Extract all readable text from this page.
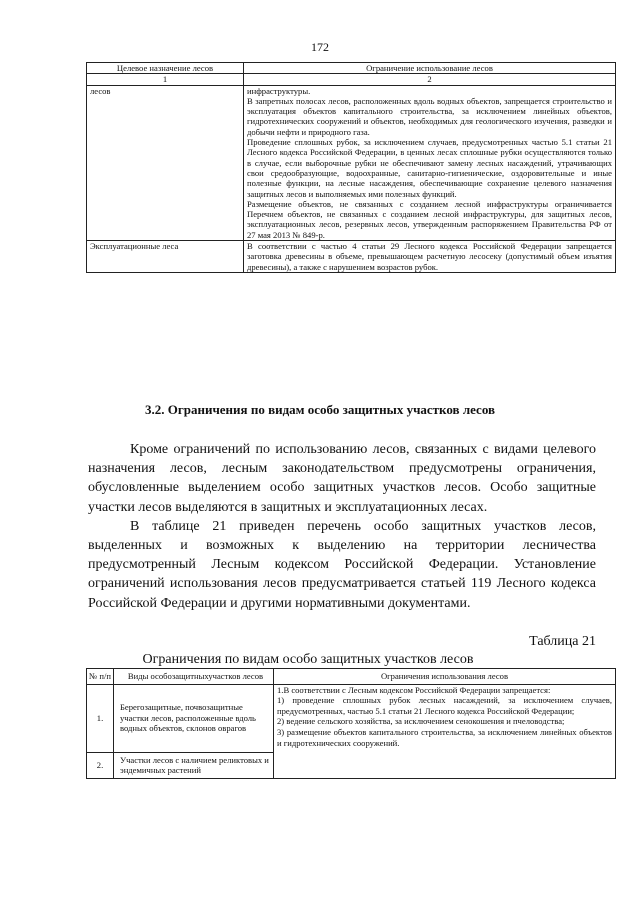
172
Целевое назначение лесов	Ограничение использование лесов
1	2
лесов	инфраструктуры.

В запретных полосах лесов, расположенных вдоль водных объектов, запрещается строительство и эксплуатация объектов капитального строительства, за исключением линейных объектов, гидротехнических сооружений и объектов, необходимых для геологического изучения, разведки и добычи нефти и природного газа.

Проведение сплошных рубок, за исключением случаев, предусмотренных частью 5.1 статьи 21 Лесного кодекса Российской Федерации, в ценных лесах сплошные рубки осуществляются только в случае, если выборочные рубки не обеспечивают замену лесных насаждений, утрачивающих свои средообразующие, водоохранные, санитарно-гигиенические, оздоровительные и иные полезные функции, на лесные насаждения, обеспечивающие сохранение целевого назначения защитных лесов и выполняемых ими полезных функций.

Размещение объектов, не связанных с созданием лесной инфраструктуры ограничивается Перечнем объектов, не связанных с созданием лесной инфраструктуры, для защитных лесов, эксплуатационных лесов, резервных лесов, утвержденным распоряжением Правительства РФ от 27 мая 2013 № 849-р.

Эксплуатационные леса	В соответствии с частью 4 статьи 29 Лесного кодекса Российской Федерации запрещается заготовка древесины в объеме, превышающем расчетную лесосеку (допустимый объем изъятия древесины), а также с нарушением возрастов рубок.

3.2. Ограничения по видам особо защитных участков лесов

Кроме ограничений по использованию лесов, связанных с видами целевого назначения лесов, лесным законодательством предусмотрены ограничения, обусловленные выделением особо защитных участков лесов. Особо защитные участки лесов выделяются в защитных и эксплуатационных лесах.

В таблице 21 приведен перечень особо защитных участков лесов, выделенных и возможных к выделению на территории лесничества предусмотренный Лесным кодексом Российской Федерации. Установление ограничений использования лесов предусматривается статьей 119 Лесного кодекса Российской Федерации и другими нормативными документами.

Таблица 21
Ограничения по видам особо защитных участков лесов
№ п/п	Виды особозащитныхучастков лесов	Ограничения использования лесов
1.	Берегозащитные, почвозащитные участки лесов, расположенные вдоль водных объектов, склонов оврагов	1.В соответствии с Лесным кодексом Российской Федерации запрещается:

1) проведение сплошных рубок лесных насаждений, за исключением случаев, предусмотренных, частью 5.1 статьи 21 Лесного кодекса Российской Федерации;

2) ведение сельского хозяйства, за исключением сенокошения и пчеловодства;

3) размещение объектов капитального строительства, за исключением линейных объектов и гидротехнических сооружений.

2.	Участки лесов с наличием реликтовых и эндемичных растений	
